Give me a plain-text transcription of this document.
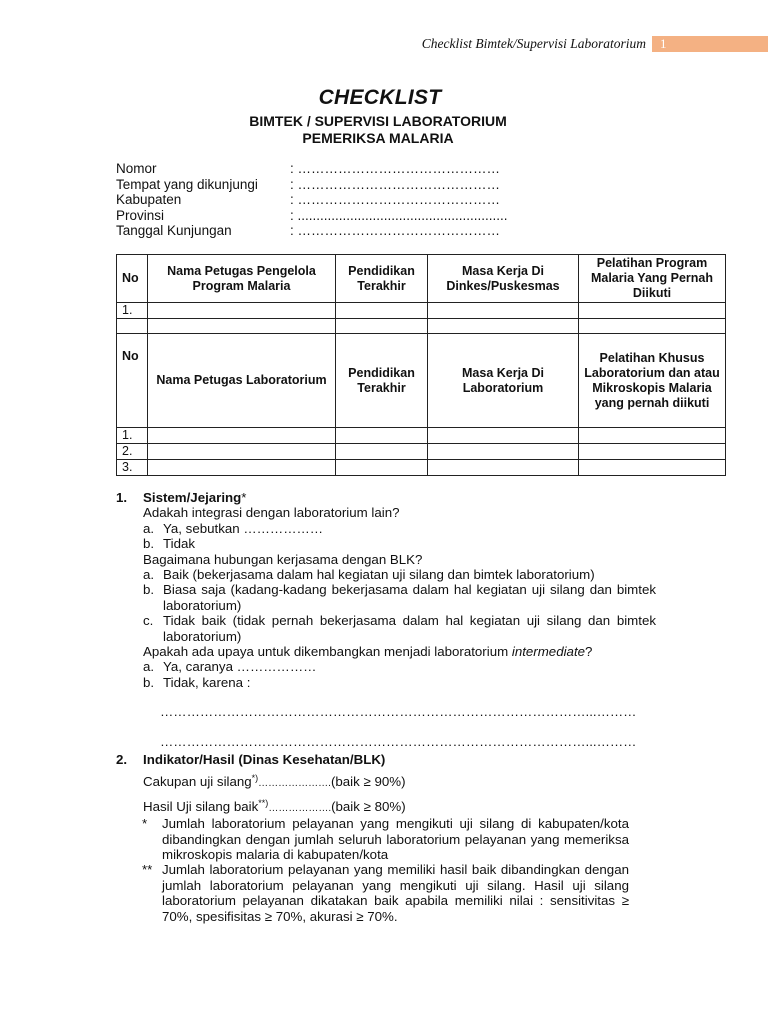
Checklist Bimtek/Supervisi Laboratorium	1
CHECKLIST
BIMTEK / SUPERVISI LABORATORIUM
PEMERIKSA MALARIA
Nomor	: ………………………………………
Tempat yang dikunjungi : ………………………………………
Kabupaten	: ………………………………………
Provinsi	: ........................................................
Tanggal Kunjungan	: ………………………………………
No	Nama Petugas Pengelola Program Malaria	Pendidikan Terakhir	Masa Kerja Di Dinkes/Puskesmas	Pelatihan Program Malaria Yang Pernah Diikuti
1.				

No	Nama Petugas Laboratorium	Pendidikan Terakhir	Masa Kerja Di Laboratorium	Pelatihan Khusus Laboratorium dan atau Mikroskopis Malaria yang pernah diikuti
1.				
2.				
3.				
1. Sistem/Jejaring*
Adakah integrasi dengan laboratorium lain?
a. Ya, sebutkan ………………
b. Tidak
Bagaimana hubungan kerjasama dengan BLK?
a. Baik (bekerjasama dalam hal kegiatan uji silang dan bimtek laboratorium)
b. Biasa saja (kadang-kadang bekerjasama dalam hal kegiatan uji silang dan bimtek laboratorium)
c. Tidak baik (tidak pernah bekerjasama dalam hal kegiatan uji silang dan bimtek laboratorium)
Apakah ada upaya untuk dikembangkan menjadi laboratorium intermediate?
a. Ya, caranya ………………
b. Tidak, karena :
……………………………………………………………………………………...………
……………………………………………………………………………………...………
2. Indikator/Hasil (Dinas Kesehatan/BLK)
Cakupan uji silang*)………………….(baik ≥ 90%)
Hasil Uji silang baik**)……………….(baik ≥ 80%)
* Jumlah laboratorium pelayanan yang mengikuti uji silang di kabupaten/kota dibandingkan dengan jumlah seluruh laboratorium pelayanan yang memeriksa mikroskopis malaria di kabupaten/kota
** Jumlah laboratorium pelayanan yang memiliki hasil baik dibandingkan dengan jumlah laboratorium pelayanan yang mengikuti uji silang. Hasil uji silang laboratorium pelayanan dikatakan baik apabila memiliki nilai : sensitivitas ≥ 70%, spesifisitas ≥ 70%, akurasi ≥ 70%.
